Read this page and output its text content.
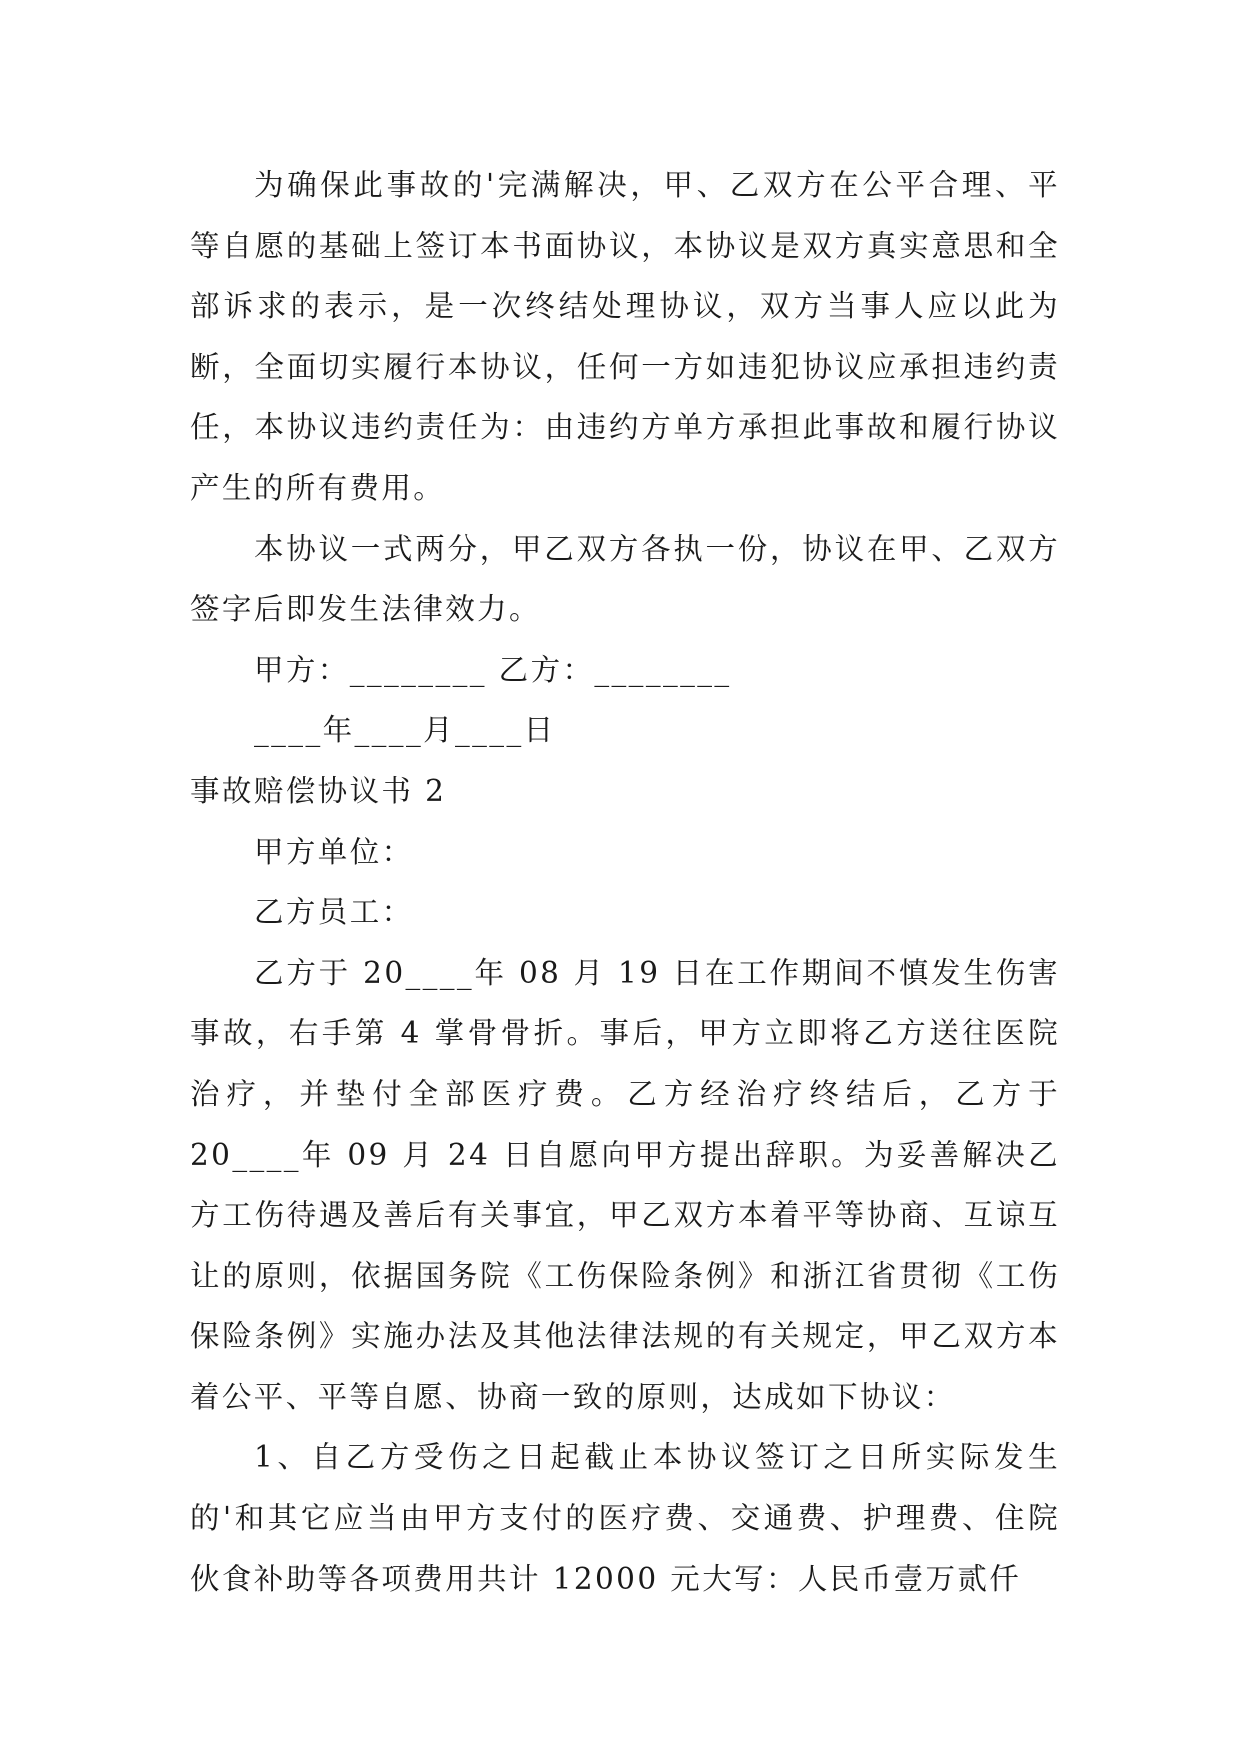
为确保此事故的'完满解决，甲、乙双方在公平合理、平等自愿的基础上签订本书面协议，本协议是双方真实意思和全部诉求的表示，是一次终结处理协议，双方当事人应以此为断，全面切实履行本协议，任何一方如违犯协议应承担违约责任，本协议违约责任为：由违约方单方承担此事故和履行协议产生的所有费用。

本协议一式两分，甲乙双方各执一份，协议在甲、乙双方签字后即发生法律效力。

甲方：________ 乙方：________

____年____月____日

事故赔偿协议书 2

甲方单位：

乙方员工：

乙方于 20____年 08 月 19 日在工作期间不慎发生伤害事故，右手第 4 掌骨骨折。事后，甲方立即将乙方送往医院治疗，并垫付全部医疗费。乙方经治疗终结后，乙方于 20____年 09 月 24 日自愿向甲方提出辞职。为妥善解决乙方工伤待遇及善后有关事宜，甲乙双方本着平等协商、互谅互让的原则，依据国务院《工伤保险条例》和浙江省贯彻《工伤保险条例》实施办法及其他法律法规的有关规定，甲乙双方本着公平、平等自愿、协商一致的原则，达成如下协议：

1、自乙方受伤之日起截止本协议签订之日所实际发生的'和其它应当由甲方支付的医疗费、交通费、护理费、住院伙食补助等各项费用共计 12000 元大写：人民币壹万贰仟
